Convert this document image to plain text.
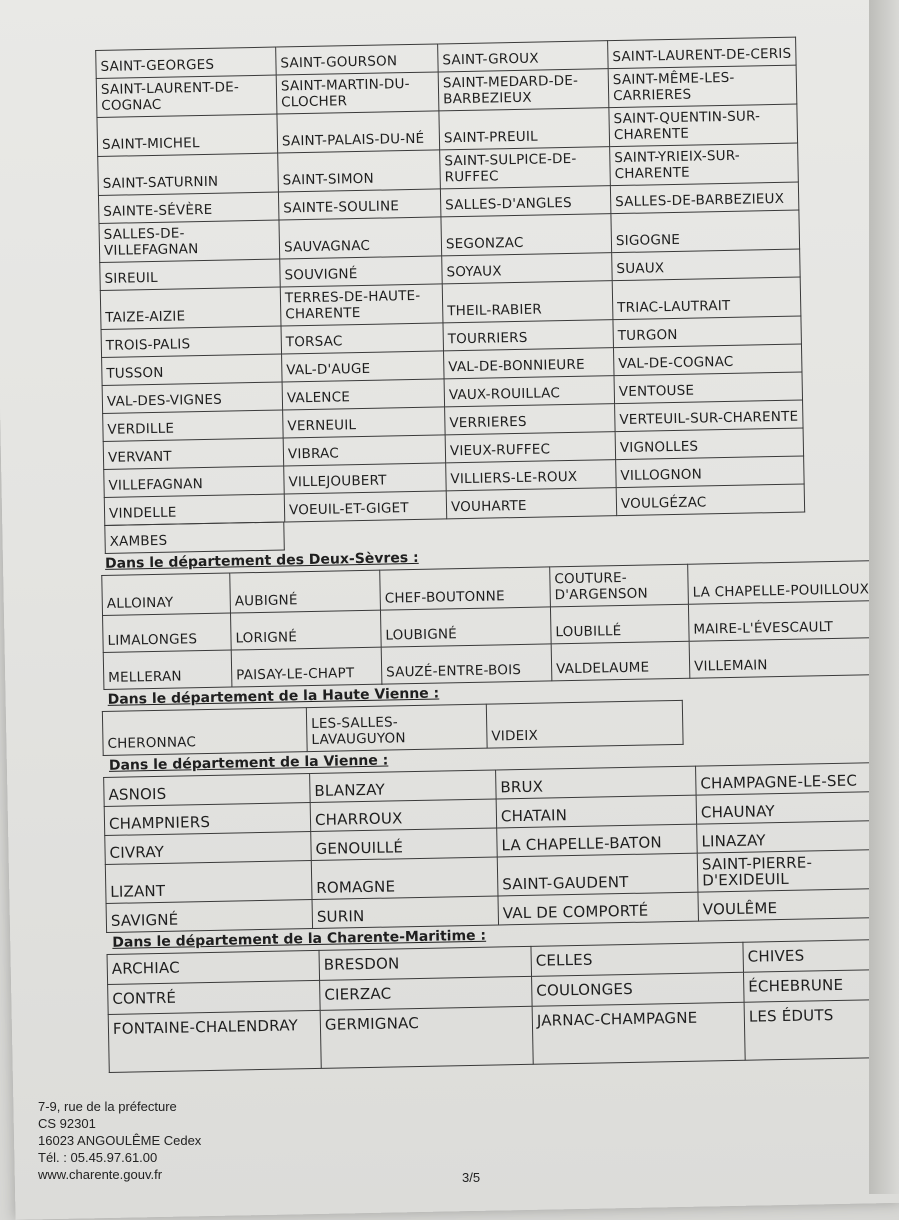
SAINT-GEORGES	SAINT-GOURSON	SAINT-GROUX	SAINT-LAURENT-DE-CERIS
SAINT-LAURENT-DE-COGNAC	SAINT-MARTIN-DU-CLOCHER	SAINT-MEDARD-DE-BARBEZIEUX	SAINT-MÊME-LES-CARRIERES
SAINT-MICHEL	SAINT-PALAIS-DU-NÉ	SAINT-PREUIL	SAINT-QUENTIN-SUR-CHARENTE
SAINT-SATURNIN	SAINT-SIMON	SAINT-SULPICE-DE-RUFFEC	SAINT-YRIEIX-SUR-CHARENTE
SAINTE-SÉVÈRE	SAINTE-SOULINE	SALLES-D'ANGLES	SALLES-DE-BARBEZIEUX
SALLES-DE-VILLEFAGNAN	SAUVAGNAC	SEGONZAC	SIGOGNE
SIREUIL	SOUVIGNÉ	SOYAUX	SUAUX
TAIZE-AIZIE	TERRES-DE-HAUTE-CHARENTE	THEIL-RABIER	TRIAC-LAUTRAIT
TROIS-PALIS	TORSAC	TOURRIERS	TURGON
TUSSON	VAL-D'AUGE	VAL-DE-BONNIEURE	VAL-DE-COGNAC
VAL-DES-VIGNES	VALENCE	VAUX-ROUILLAC	VENTOUSE
VERDILLE	VERNEUIL	VERRIERES	VERTEUIL-SUR-CHARENTE
VERVANT	VIBRAC	VIEUX-RUFFEC	VIGNOLLES
VILLEFAGNAN	VILLEJOUBERT	VILLIERS-LE-ROUX	VILLOGNON
VINDELLE	VOEUIL-ET-GIGET	VOUHARTE	VOULGÉZAC
XAMBES
Dans le département des Deux-Sèvres :
ALLOINAY	AUBIGNÉ	CHEF-BOUTONNE	COUTURE-D'ARGENSON	LA CHAPELLE-POUILLOUX
LIMALONGES	LORIGNÉ	LOUBIGNÉ	LOUBILLÉ	MAIRE-L'ÉVESCAULT
MELLERAN	PAISAY-LE-CHAPT	SAUZÉ-ENTRE-BOIS	VALDELAUME	VILLEMAIN
Dans le département de la Haute Vienne :
CHERONNAC	LES-SALLES-LAVAUGUYON	VIDEIX
Dans le département de la Vienne :
ASNOIS	BLANZAY	BRUX	CHAMPAGNE-LE-SEC
CHAMPNIERS	CHARROUX	CHATAIN	CHAUNAY
CIVRAY	GENOUILLÉ	LA CHAPELLE-BATON	LINAZAY
LIZANT	ROMAGNE	SAINT-GAUDENT	SAINT-PIERRE-D'EXIDEUIL
SAVIGNÉ	SURIN	VAL DE COMPORTÉ	VOULÊME
Dans le département de la Charente-Maritime :
ARCHIAC	BRESDON	CELLES	CHIVES
CONTRÉ	CIERZAC	COULONGES	ÉCHEBRUNE
FONTAINE-CHALENDRAY	GERMIGNAC	JARNAC-CHAMPAGNE	LES ÉDUTS
7-9, rue de la préfecture
CS 92301
16023 ANGOULÊME Cedex
Tél. : 05.45.97.61.00
www.charente.gouv.fr	3/5
